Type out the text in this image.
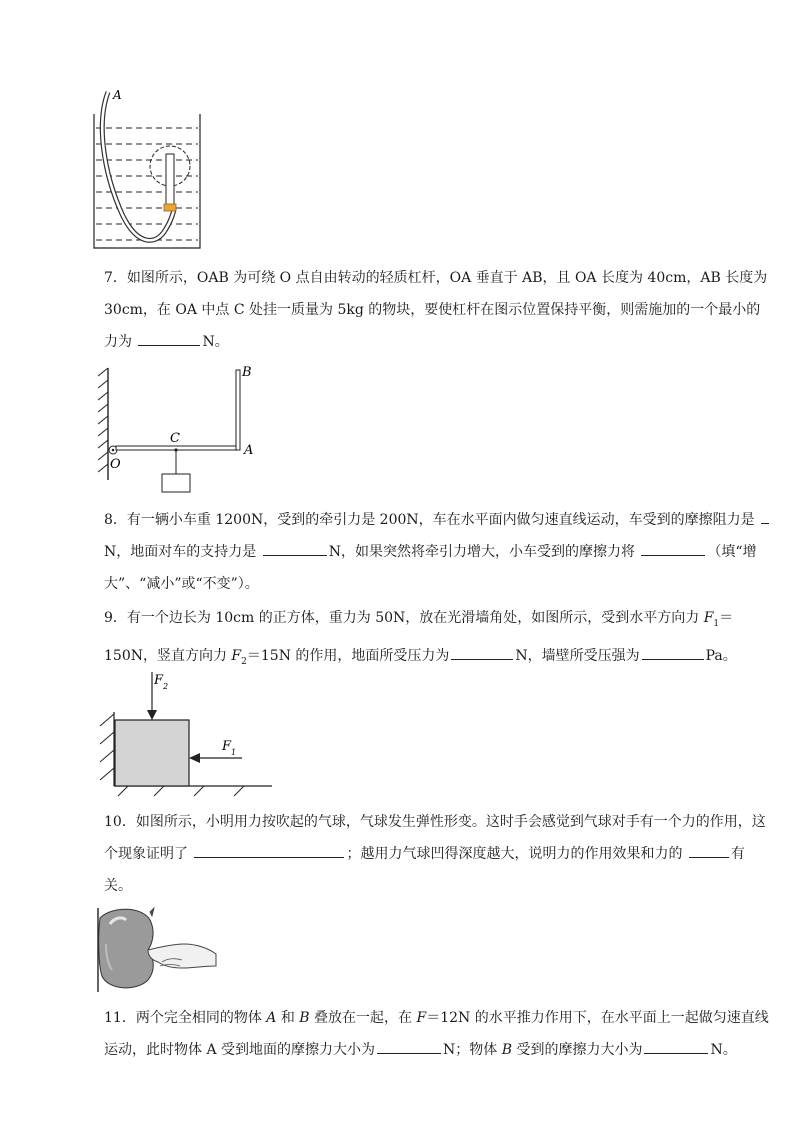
A

7．如图所示，OAB 为可绕 O 点自由转动的轻质杠杆，OA 垂直于 AB，且 OA 长度为 40cm，AB 长度为 30cm，在 OA 中点 C 处挂一质量为 5kg 的物块，要使杠杆在图示位置保持平衡，则需施加的一个最小的力为	N。

B
C
O
A

8．有一辆小车重 1200N，受到的牵引力是 200N，车在水平面内做匀速直线运动，车受到的摩擦阻力是 N，地面对车的支持力是	N，如果突然将牵引力增大，小车受到的摩擦力将	（填“增大”、“减小”或“不变”）。

9．有一个边长为 10cm 的正方体，重力为 50N，放在光滑墙角处，如图所示，受到水平方向力 $F_1=150N$，竖直方向力 $F_2=15N$ 的作用，地面所受压力为	N，墙壁所受压强为	Pa。

F 2
F 1

10．如图所示，小明用力按吹起的气球，气球发生弹性形变。这时手会感觉到气球对手有一个力的作用，这个现象证明了	；越用力气球凹得深度越大，说明力的作用效果和力的	有关。

11．两个完全相同的物体 A 和 B 叠放在一起，在 F＝12N 的水平推力作用下，在水平面上一起做匀速直线运动，此时物体 A 受到地面的摩擦力大小为	N；物体 B 受到的摩擦力大小为	N。
